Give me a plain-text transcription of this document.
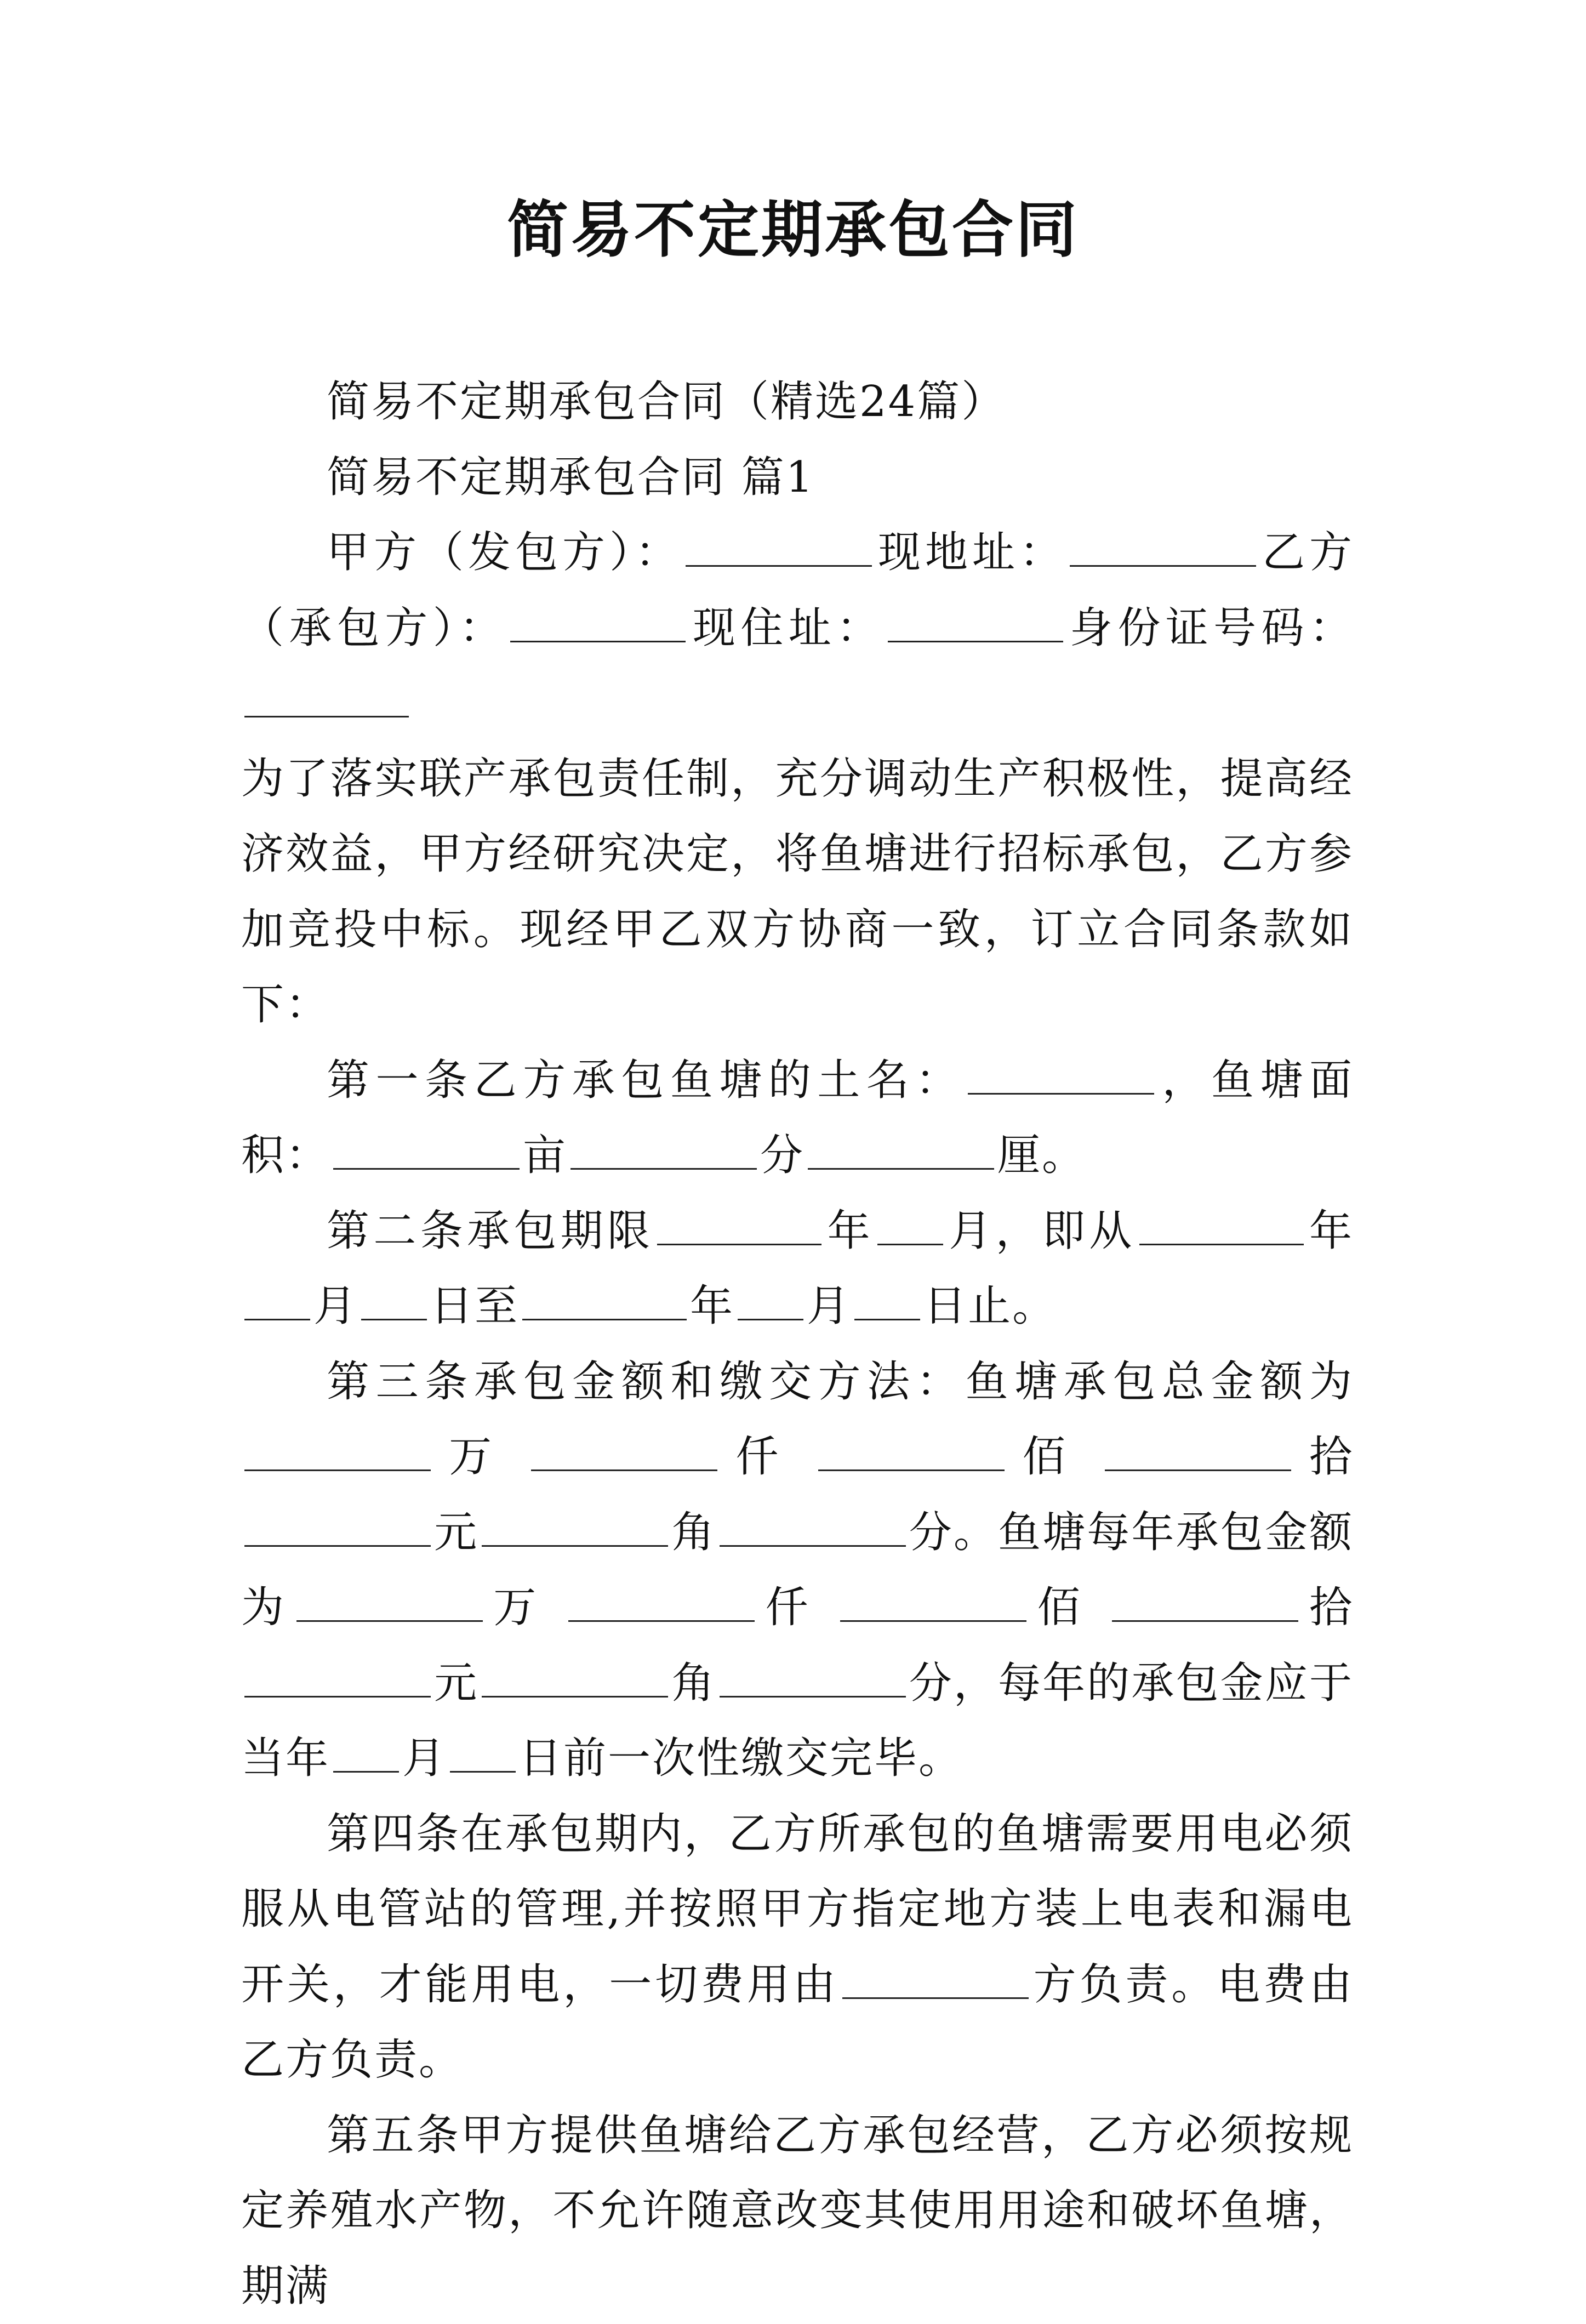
简易不定期承包合同

简易不定期承包合同（精选24篇）

简易不定期承包合同 篇1

甲方（发包方）：	现地址：	乙方（承包方）：	现住址：	身份证号码：

为了落实联产承包责任制，充分调动生产积极性，提高经济效益，甲方经研究决定，将鱼塘进行招标承包，乙方参加竞投中标。现经甲乙双方协商一致，订立合同条款如下：

第一条乙方承包鱼塘的土名：	，鱼塘面积：	亩	分	厘。

第二条承包期限	年 月，即从	年月 日至	年 月 日止。

第三条承包金额和缴交方法：鱼塘承包总金额为万	仟	佰	拾元	角	分。鱼塘每年承包金额为	万	仟	佰	拾元	角	分，每年的承包金应于当年 月 日前一次性缴交完毕。

第四条在承包期内，乙方所承包的鱼塘需要用电必须服从电管站的管理,并按照甲方指定地方装上电表和漏电开关，才能用电，一切费用由	方负责。电费由乙方负责。

第五条甲方提供鱼塘给乙方承包经营，乙方必须按规定养殖水产物，不允许随意改变其使用用途和破坏鱼塘，期满
